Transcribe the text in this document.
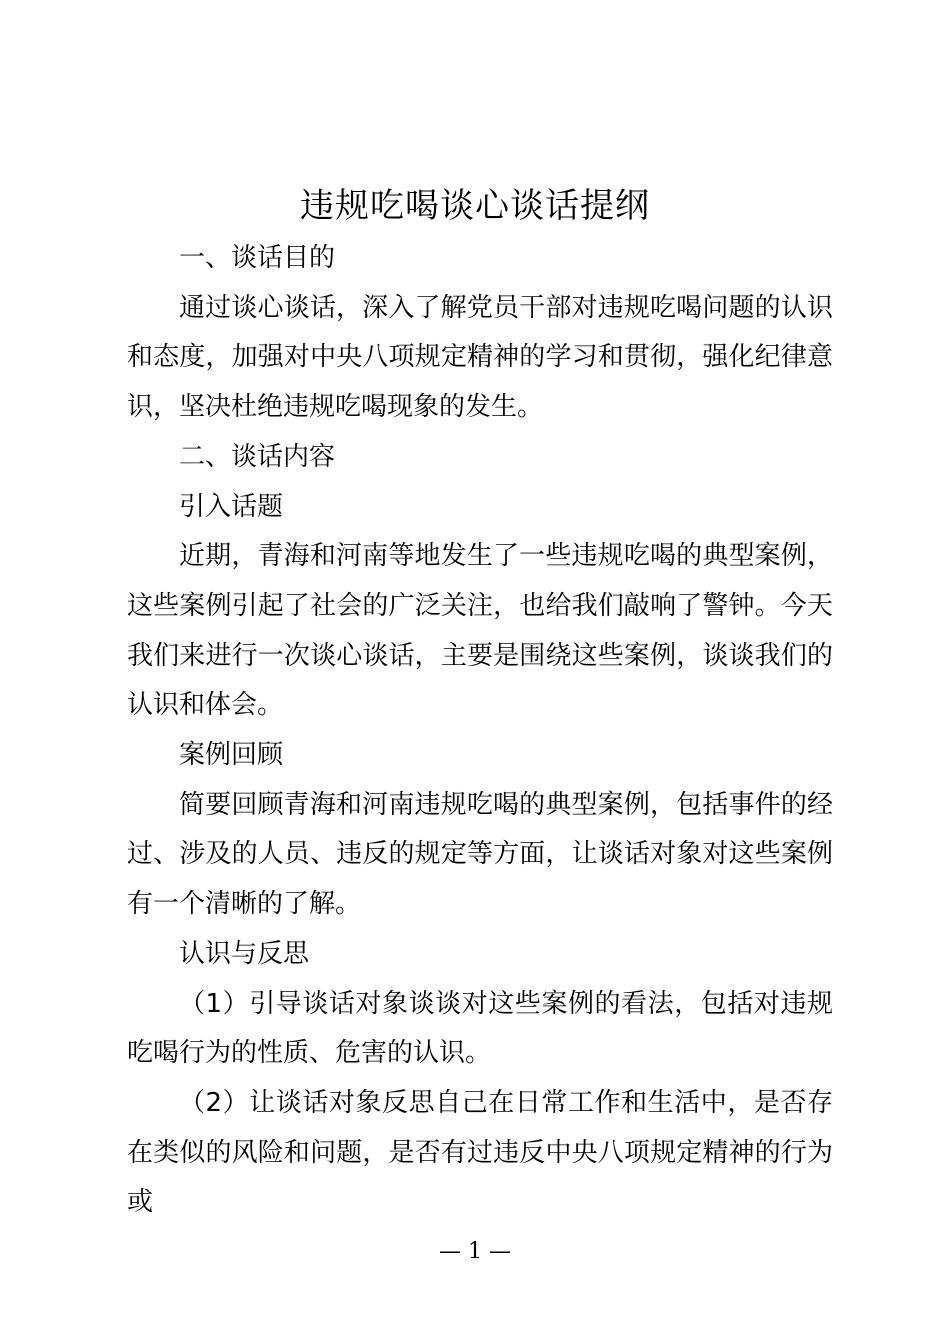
违规吃喝谈心谈话提纲

一、谈话目的

通过谈心谈话，深入了解党员干部对违规吃喝问题的认识和态度，加强对中央八项规定精神的学习和贯彻，强化纪律意识，坚决杜绝违规吃喝现象的发生。

二、谈话内容

引入话题

近期，青海和河南等地发生了一些违规吃喝的典型案例，这些案例引起了社会的广泛关注，也给我们敲响了警钟。今天我们来进行一次谈心谈话，主要是围绕这些案例，谈谈我们的认识和体会。

案例回顾

简要回顾青海和河南违规吃喝的典型案例，包括事件的经过、涉及的人员、违反的规定等方面，让谈话对象对这些案例有一个清晰的了解。

认识与反思

（1）引导谈话对象谈谈对这些案例的看法，包括对违规吃喝行为的性质、危害的认识。

（2）让谈话对象反思自己在日常工作和生活中，是否存在类似的风险和问题，是否有过违反中央八项规定精神的行为或

— 1 —
